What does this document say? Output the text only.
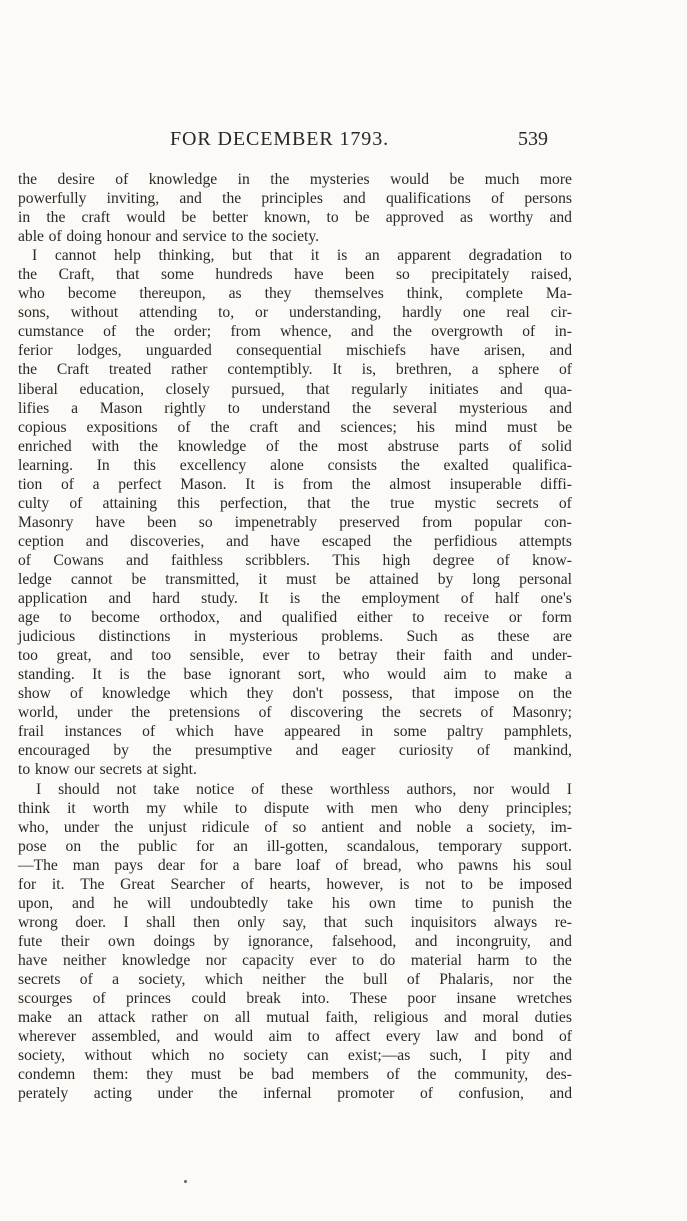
FOR DECEMBER 1793.	539
the desire of knowledge in the mysteries would be much more
powerfully inviting, and the principles and qualifications of persons
in the craft would be better known, to be approved as worthy and
able of doing honour and service to the society.
I cannot help thinking, but that it is an apparent degradation to
the Craft, that some hundreds have been so precipitately raised,
who become thereupon, as they themselves think, complete Ma-
sons, without attending to, or understanding, hardly one real cir-
cumstance of the order; from whence, and the overgrowth of in-
ferior lodges, unguarded consequential mischiefs have arisen, and
the Craft treated rather contemptibly. It is, brethren, a sphere of
liberal education, closely pursued, that regularly initiates and qua-
lifies a Mason rightly to understand the several mysterious and
copious expositions of the craft and sciences; his mind must be
enriched with the knowledge of the most abstruse parts of solid
learning. In this excellency alone consists the exalted qualifica-
tion of a perfect Mason. It is from the almost insuperable diffi-
culty of attaining this perfection, that the true mystic secrets of
Masonry have been so impenetrably preserved from popular con-
ception and discoveries, and have escaped the perfidious attempts
of Cowans and faithless scribblers. This high degree of know-
ledge cannot be transmitted, it must be attained by long personal
application and hard study. It is the employment of half one's
age to become orthodox, and qualified either to receive or form
judicious distinctions in mysterious problems. Such as these are
too great, and too sensible, ever to betray their faith and under-
standing. It is the base ignorant sort, who would aim to make a
show of knowledge which they don't possess, that impose on the
world, under the pretensions of discovering the secrets of Masonry;
frail instances of which have appeared in some paltry pamphlets,
encouraged by the presumptive and eager curiosity of mankind,
to know our secrets at sight.
I should not take notice of these worthless authors, nor would I
think it worth my while to dispute with men who deny principles;
who, under the unjust ridicule of so antient and noble a society, im-
pose on the public for an ill-gotten, scandalous, temporary support.
—The man pays dear for a bare loaf of bread, who pawns his soul
for it. The Great Searcher of hearts, however, is not to be imposed
upon, and he will undoubtedly take his own time to punish the
wrong doer. I shall then only say, that such inquisitors always re-
fute their own doings by ignorance, falsehood, and incongruity, and
have neither knowledge nor capacity ever to do material harm to the
secrets of a society, which neither the bull of Phalaris, nor the
scourges of princes could break into. These poor insane wretches
make an attack rather on all mutual faith, religious and moral duties
wherever assembled, and would aim to affect every law and bond of
society, without which no society can exist;—as such, I pity and
condemn them: they must be bad members of the community, des-
perately acting under the infernal promoter of confusion, and
